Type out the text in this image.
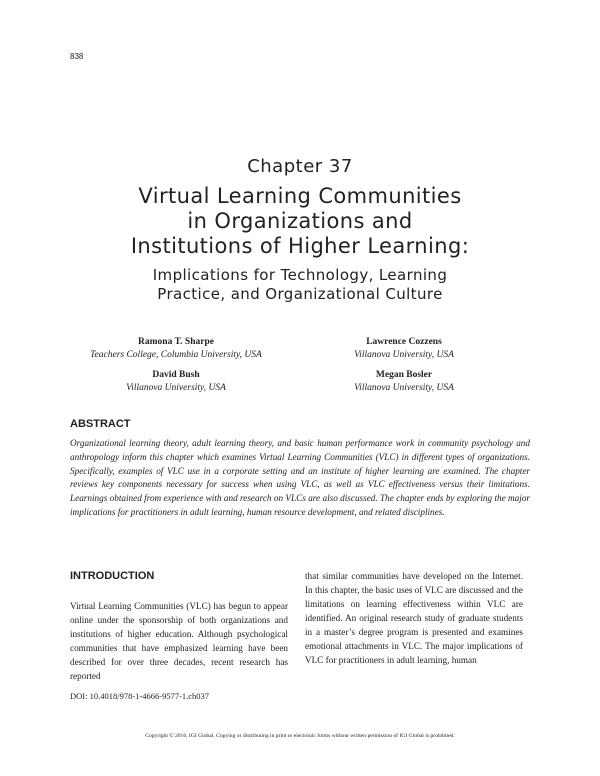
838
Chapter 37
Virtual Learning Communities
in Organizations and
Institutions of Higher Learning:
Implications for Technology, Learning
Practice, and Organizational Culture
Ramona T. Sharpe
Teachers College, Columbia University, USA
Lawrence Cozzens
Villanova University, USA
David Bush
Villanova University, USA
Megan Bosler
Villanova University, USA
ABSTRACT
Organizational learning theory, adult learning theory, and basic human performance work in community psychology and anthropology inform this chapter which examines Virtual Learning Communities (VLC) in different types of organizations. Specifically, examples of VLC use in a corporate setting and an institute of higher learning are examined. The chapter reviews key components necessary for success when using VLC, as well as VLC effectiveness versus their limitations. Learnings obtained from experience with and research on VLCs are also discussed. The chapter ends by exploring the major implications for practitioners in adult learning, human resource development, and related disciplines.
INTRODUCTION
Virtual Learning Communities (VLC) has begun to appear online under the sponsorship of both organizations and institutions of higher education. Although psychological communities that have emphasized learning have been described for over three decades, recent research has reported
that similar communities have developed on the Internet. In this chapter, the basic uses of VLC are discussed and the limitations on learning effectiveness within VLC are identified. An original research study of graduate students in a master’s degree program is presented and examines emotional attachments in VLC. The major implications of VLC for practitioners in adult learning, human
DOI: 10.4018/978-1-4666-9577-1.ch037
Copyright © 2016, IGI Global. Copying or distributing in print or electronic forms without written permission of IGI Global is prohibited.
